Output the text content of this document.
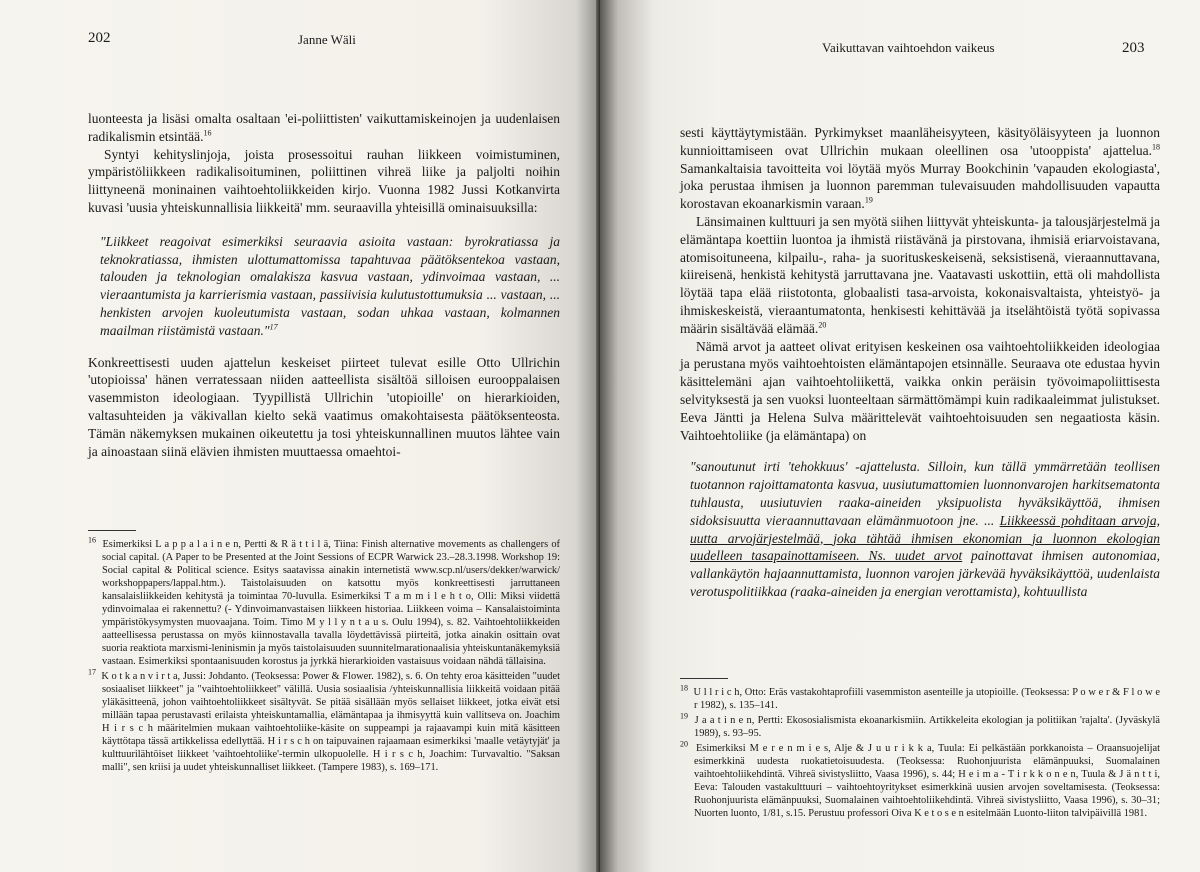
202	Janne Wäli

luonteesta ja lisäsi omalta osaltaan 'ei-poliittisten' vaikuttamiskeinojen ja uudenlaisen radikalismin etsintää.$^{16}$

Syntyi kehityslinjoja, joista prosessoitui rauhan liikkeen voimistuminen, ympäristöliikkeen radikalisoituminen, poliittinen vihreä liike ja paljolti noihin liittyneenä moninainen vaihtoehtoliikkeiden kirjo. Vuonna 1982 Jussi Kotkanvirta kuvasi 'uusia yhteiskunnallisia liikkeitä' mm. seuraavilla yhteisillä ominaisuuksilla:

"Liikkeet reagoivat esimerkiksi seuraavia asioita vastaan: byrokratiassa ja teknokratiassa, ihmisten ulottumattomissa tapahtuvaa päätöksentekoa vastaan, talouden ja teknologian omalakisza kasvua vastaan, ydinvoimaa vastaan, ... vieraantumista ja karrierismia vastaan, passiivisia kulutustottumuksia ... vastaan, ... henkisten arvojen kuoleutumista vastaan, sodan uhkaa vastaan, kolmannen maailman riistämistä vastaan."$^{17}$

Konkreettisesti uuden ajattelun keskeiset piirteet tulevat esille Otto Ullrichin 'utopioissa' hänen verratessaan niiden aatteellista sisältöä silloisen eurooppalaisen vasemmiston ideologiaan. Tyypillistä Ullrichin 'utopioille' on hierarkioiden, valtasuhteiden ja väkivallan kielto sekä vaatimus omakohtaisesta päätöksenteosta. Tämän näkemyksen mukainen oikeutettu ja tosi yhteiskunnallinen muutos lähtee vain ja ainoastaan siinä elävien ihmisten muuttaessa omaehtoi-

$^{16}$ Esimerkiksi L a p p a l a i n e n, Pertti & R ä t t i l ä, Tiina: Finish alternative movements as challengers of social capital. (A Paper to be Presented at the Joint Sessions of ECPR Warwick 23.–28.3.1998. Workshop 19: Social capital & Political science. Esitys saatavissa ainakin internetistä www.scp.nl/users/dekker/warwick/ workshoppapers/lappal.htm.). Taistolaisuuden on katsottu myös konkreettisesti jarruttaneen kansalaisliikkeiden kehitystä ja toimintaa 70-luvulla. Esimerkiksi T a m m i l e h t o, Olli: Miksi viidettä ydinvoimalaa ei rakennettu? (- Ydinvoimanvastaisen liikkeen historiaa. Liikkeen voima – Kansalaistoiminta ympäristökysymysten muovaajana. Toim. Timo M y l l y n t a u s. Oulu 1994), s. 82. Vaihtoehtoliikkeiden aatteellisessa perustassa on myös kiinnostavalla tavalla löydettävissä piirteitä, jotka ainakin osittain ovat suoria reaktiota marxismi-leninismin ja myös taistolaisuuden suunnitelmarationaalisia yhteiskuntanäkemyksiä vastaan. Esimerkiksi spontaanisuuden korostus ja jyrkkä hierarkioiden vastaisuus voidaan nähdä tällaisina.

$^{17}$ K o t k a n v i r t a, Jussi: Johdanto. (Teoksessa: Power & Flower. 1982), s. 6. On tehty eroa käsitteiden "uudet sosiaaliset liikkeet" ja "vaihtoehtoliikkeet" välillä. Uusia sosiaalisia /yhteiskunnallisia liikkeitä voidaan pitää yläkäsitteenä, johon vaihtoehtoliikkeet sisältyvät. Se pitää sisällään myös sellaiset liikkeet, jotka eivät etsi millään tapaa perustavasti erilaista yhteiskuntamallia, elämäntapaa ja ihmisyyttä kuin vallitseva on. Joachim H i r s c h määritelmien mukaan vaihtoehtoliike-käsite on suppeampi ja rajaavampi kuin mitä käsitteen käyttötapa tässä artikkelissa edellyttää. H i r s c h on taipuvainen rajaamaan esimerkiksi 'maalle vetäytyjät' ja kulttuurilähtöiset liikkeet 'vaihtoehtoliike'-termin ulkopuolelle. H i r s c h, Joachim: Turvavaltio. "Saksan malli", sen kriisi ja uudet yhteiskunnalliset liikkeet. (Tampere 1983), s. 169–171.

Vaikuttavan vaihtoehdon vaikeus	203

sesti käyttäytymistään. Pyrkimykset maanläheisyyteen, käsityöläisyyteen ja luonnon kunnioittamiseen ovat Ullrichin mukaan oleellinen osa 'utooppista' ajattelua.$^{18}$ Samankaltaisia tavoitteita voi löytää myös Murray Bookchinin 'vapauden ekologiasta', joka perustaa ihmisen ja luonnon paremman tulevaisuuden mahdollisuuden vapautta korostavan ekoanarkismin varaan.$^{19}$

Länsimainen kulttuuri ja sen myötä siihen liittyvät yhteiskunta- ja talousjärjestelmä ja elämäntapa koettiin luontoa ja ihmistä riistävänä ja pirstovana, ihmisiä eriarvoistavana, atomisoituneena, kilpailu-, raha- ja suorituskeskeisenä, seksistisenä, vieraannuttavana, kiireisenä, henkistä kehitystä jarruttavana jne. Vaatavasti uskottiin, että oli mahdollista löytää tapa elää riistotonta, globaalisti tasa-arvoista, kokonaisvaltaista, yhteistyö- ja ihmiskeskeistä, vieraantumatonta, henkisesti kehittävää ja itselähtöistä työtä sopivassa määrin sisältävää elämää.$^{20}$

Nämä arvot ja aatteet olivat erityisen keskeinen osa vaihtoehtoliikkeiden ideologiaa ja perustana myös vaihtoehtoisten elämäntapojen etsinnälle. Seuraava ote edustaa hyvin käsittelemäni ajan vaihtoehtoliikettä, vaikka onkin peräisin työvoimapoliittisesta selvityksestä ja sen vuoksi luonteeltaan särmättömämpi kuin radikaaleimmat julistukset. Eeva Jäntti ja Helena Sulva määrittelevät vaihtoehtoisuuden sen negaatiosta käsin. Vaihtoehtoliike (ja elämäntapa) on

"sanoutunut irti 'tehokkuus' -ajattelusta. Silloin, kun tällä ymmärretään teollisen tuotannon rajoittamatonta kasvua, uusiutumattomien luonnonvarojen harkitsematonta tuhlausta, uusiutuvien raaka-aineiden yksipuolista hyväksikäyttöä, ihmisen sidoksisuutta vieraannuttavaan elämänmuotoon jne. ... Liikkeessä pohditaan arvoja, uutta arvojärjestelmää, joka tähtää ihmisen ekonomian ja luonnon ekologian uudelleen tasapainottamiseen. Ns. uudet arvot painottavat ihmisen autonomiaa, vallankäytön hajaannuttamista, luonnon varojen järkevää hyväksikäyttöä, uudenlaista verotuspolitiikkaa (raaka-aineiden ja energian verottamista), kohtuullista

$^{18}$ U l l r i c h, Otto: Eräs vastakohtaprofiili vasemmiston asenteille ja utopioille. (Teoksessa: P o w e r & F l o w e r 1982), s. 135–141.

$^{19}$ J a a t i n e n, Pertti: Ekososialismista ekoanarkismiin. Artikkeleita ekologian ja politiikan 'rajalta'. (Jyväskylä 1989), s. 93–95.

$^{20}$ Esimerkiksi M e r e n m i e s, Alje & J u u r i k k a, Tuula: Ei pelkästään porkkanoista – Oraansuojelijat esimerkkinä uudesta ruokatietoisuudesta. (Teoksessa: Ruohonjuurista elämänpuuksi, Suomalainen vaihtoehtoliikehdintä. Vihreä sivistysliitto, Vaasa 1996), s. 44; H e i m a - T i r k k o n e n, Tuula & J ä n t t i, Eeva: Talouden vastakulttuuri – vaihtoehtoyritykset esimerkkinä uusien arvojen soveltamisesta. (Teoksessa: Ruohonjuurista elämänpuuksi, Suomalainen vaihtoehtoliikehdintä. Vihreä sivistysliitto, Vaasa 1996), s. 30–31; Nuorten luonto, 1/81, s.15. Perustuu professori Oiva K e t o s e n esitelmään Luonto-liiton talvipäivillä 1981.
